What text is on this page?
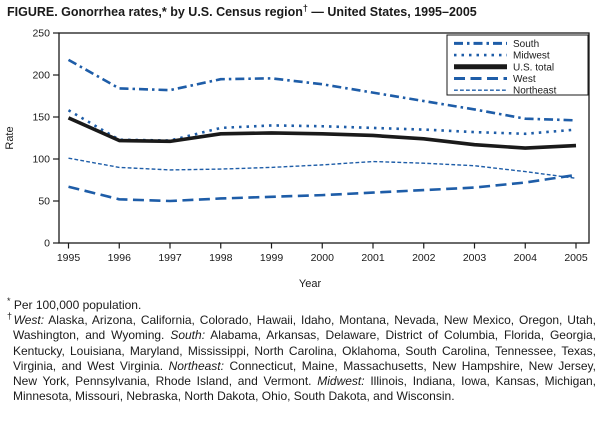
FIGURE. Gonorrhea rates,* by U.S. Census region† — United States, 1995–2005
0
50
100
150
200
250
1995	1996	1997	1998	1999	2000	2001	2002	2003	2004	2005
Rate
Year
South
Midwest
U.S. total
West
Northeast

* Per 100,000 population.

†West: Alaska, Arizona, California, Colorado, Hawaii, Idaho, Montana, Nevada, New Mexico, Oregon, Utah, Washington, and Wyoming. South: Alabama, Arkansas, Delaware, District of Columbia, Florida, Georgia, Kentucky, Louisiana, Maryland, Mississippi, North Carolina, Oklahoma, South Carolina, Tennessee, Texas, Virginia, and West Virginia. Northeast: Connecticut, Maine, Massachusetts, New Hampshire, New Jersey, New York, Pennsylvania, Rhode Island, and Vermont. Midwest: Illinois, Indiana, Iowa, Kansas, Michigan, Minnesota, Missouri, Nebraska, North Dakota, Ohio, South Dakota, and Wisconsin.
